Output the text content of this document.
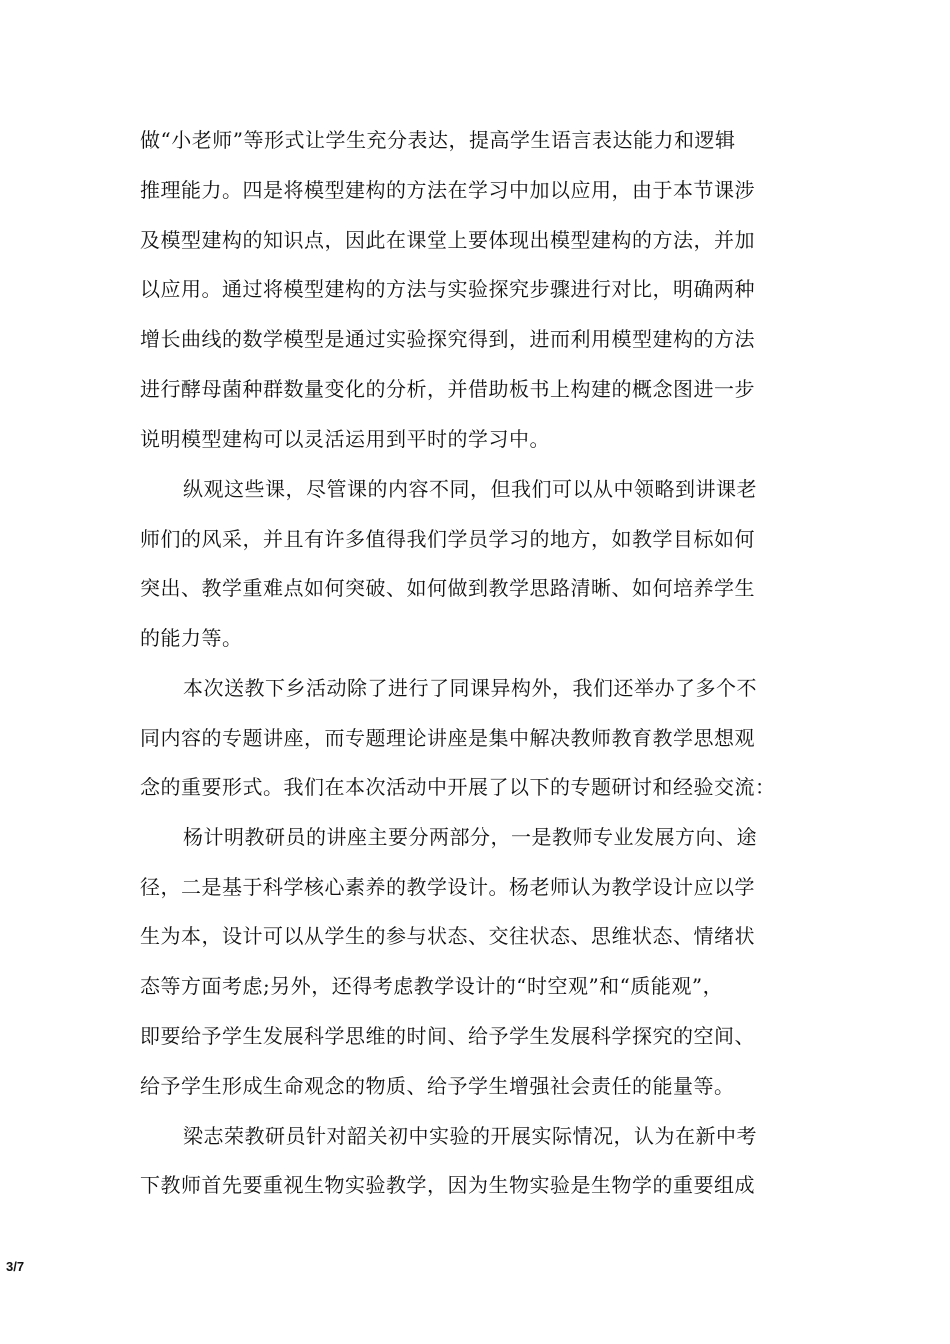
做“小老师”等形式让学生充分表达，提高学生语言表达能力和逻辑
推理能力。四是将模型建构的方法在学习中加以应用，由于本节课涉
及模型建构的知识点，因此在课堂上要体现出模型建构的方法，并加
以应用。通过将模型建构的方法与实验探究步骤进行对比，明确两种
增长曲线的数学模型是通过实验探究得到，进而利用模型建构的方法
进行酵母菌种群数量变化的分析，并借助板书上构建的概念图进一步
说明模型建构可以灵活运用到平时的学习中。
纵观这些课，尽管课的内容不同，但我们可以从中领略到讲课老
师们的风采，并且有许多值得我们学员学习的地方，如教学目标如何
突出、教学重难点如何突破、如何做到教学思路清晰、如何培养学生
的能力等。
本次送教下乡活动除了进行了同课异构外，我们还举办了多个不
同内容的专题讲座，而专题理论讲座是集中解决教师教育教学思想观
念的重要形式。我们在本次活动中开展了以下的专题研讨和经验交流：
杨计明教研员的讲座主要分两部分，一是教师专业发展方向、途
径，二是基于科学核心素养的教学设计。杨老师认为教学设计应以学
生为本，设计可以从学生的参与状态、交往状态、思维状态、情绪状
态等方面考虑;另外，还得考虑教学设计的“时空观”和“质能观”，
即要给予学生发展科学思维的时间、给予学生发展科学探究的空间、
给予学生形成生命观念的物质、给予学生增强社会责任的能量等。
梁志荣教研员针对韶关初中实验的开展实际情况，认为在新中考
下教师首先要重视生物实验教学，因为生物实验是生物学的重要组成
3/7
